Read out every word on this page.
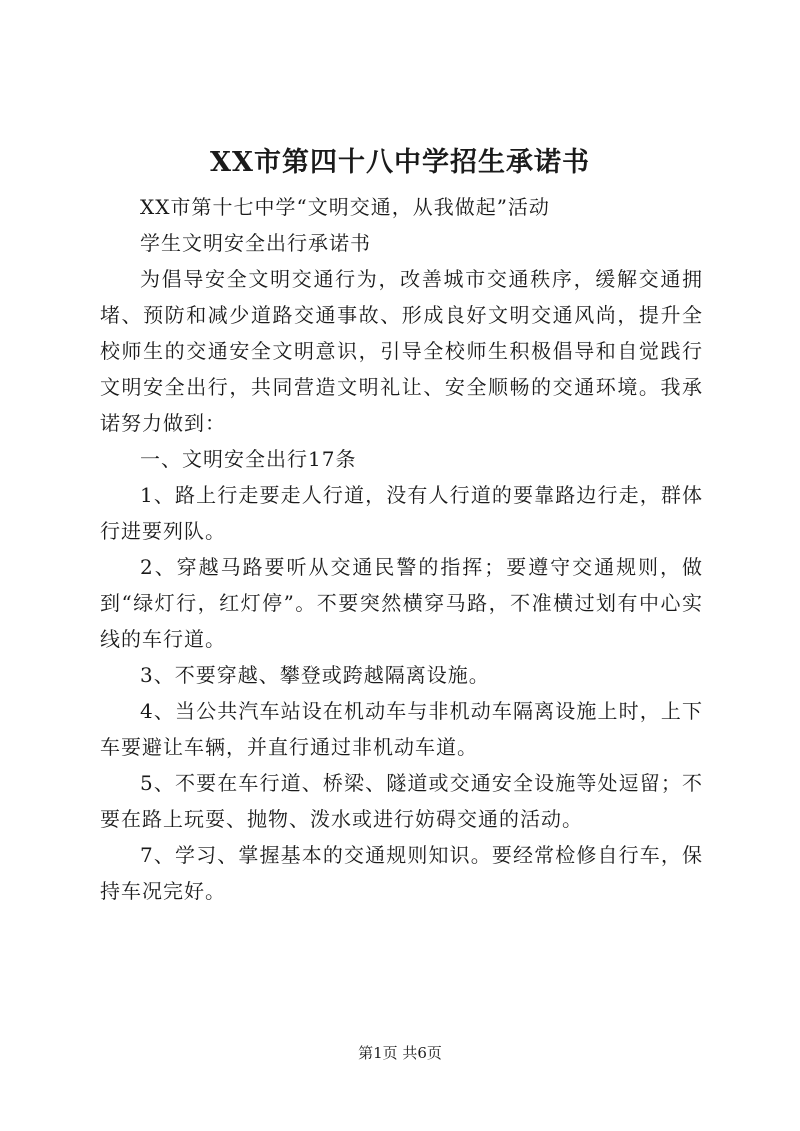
XX市第四十八中学招生承诺书

XX市第十七中学“文明交通，从我做起”活动

学生文明安全出行承诺书

为倡导安全文明交通行为，改善城市交通秩序，缓解交通拥堵、预防和减少道路交通事故、形成良好文明交通风尚，提升全校师生的交通安全文明意识，引导全校师生积极倡导和自觉践行文明安全出行，共同营造文明礼让、安全顺畅的交通环境。我承诺努力做到：

一、文明安全出行17条

1、路上行走要走人行道，没有人行道的要靠路边行走，群体行进要列队。

2、穿越马路要听从交通民警的指挥；要遵守交通规则，做到“绿灯行，红灯停”。不要突然横穿马路，不准横过划有中心实线的车行道。

3、不要穿越、攀登或跨越隔离设施。

4、当公共汽车站设在机动车与非机动车隔离设施上时，上下车要避让车辆，并直行通过非机动车道。

5、不要在车行道、桥梁、隧道或交通安全设施等处逗留；不要在路上玩耍、抛物、泼水或进行妨碍交通的活动。

7、学习、掌握基本的交通规则知识。要经常检修自行车，保持车况完好。

第1页 共6页
